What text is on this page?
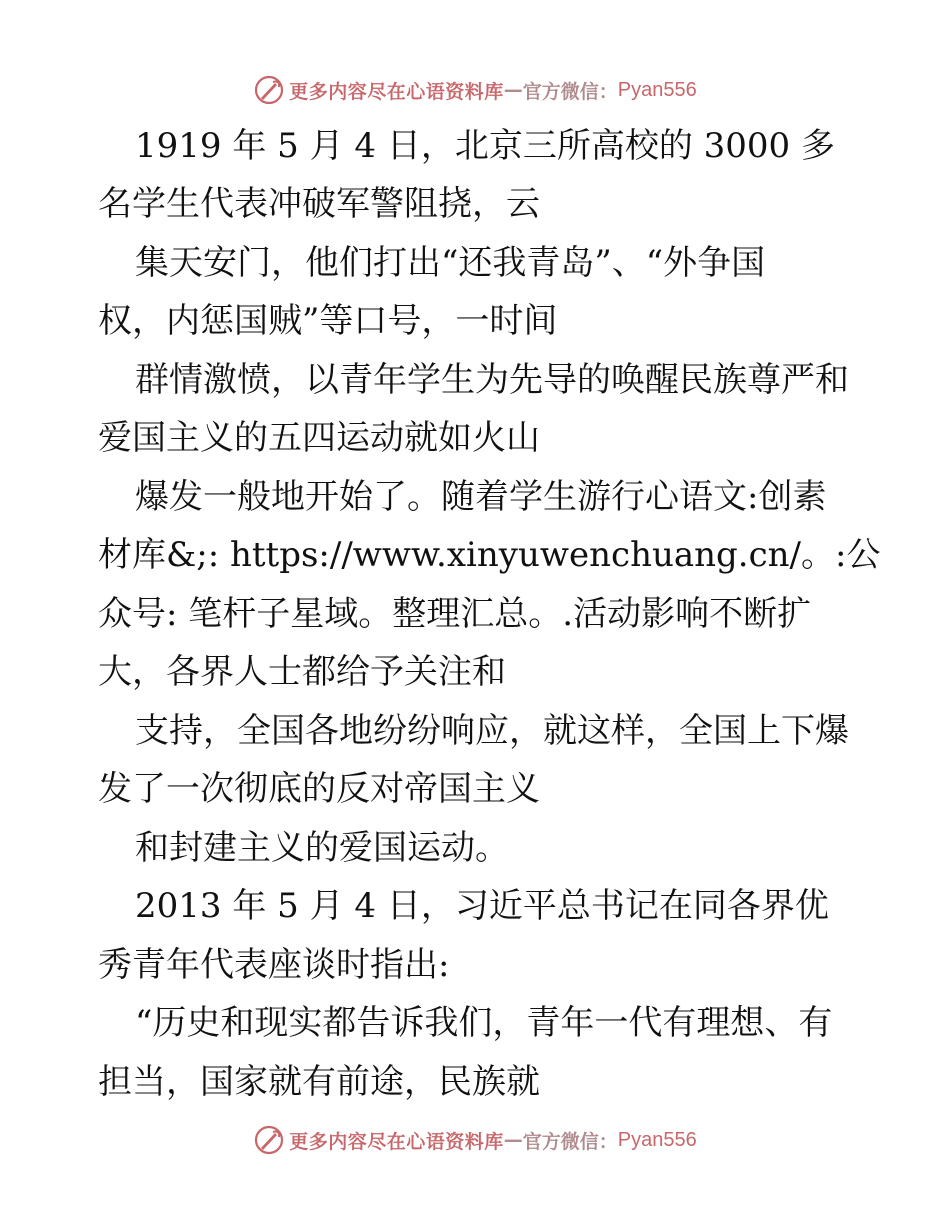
更多内容尽在心语资料库 — 官方微信： Pyan556
1919 年 5 月 4 日，北京三所高校的 3000 多
名学生代表冲破军警阻挠，云
集天安门，他们打出“还我青岛”、“外争国
权，内惩国贼”等口号，一时间
群情激愤，以青年学生为先导的唤醒民族尊严和
爱国主义的五四运动就如火山
爆发一般地开始了。随着学生游行心语文:创素
材库&;: https://www.xinyuwenchuang.cn/。:公
众号: 笔杆子星域。整理汇总。.活动影响不断扩
大，各界人士都给予关注和
支持，全国各地纷纷响应，就这样，全国上下爆
发了一次彻底的反对帝国主义
和封建主义的爱国运动。
2013 年 5 月 4 日，习近平总书记在同各界优
秀青年代表座谈时指出:
“历史和现实都告诉我们，青年一代有理想、有
担当，国家就有前途，民族就
更多内容尽在心语资料库 — 官方微信： Pyan556
